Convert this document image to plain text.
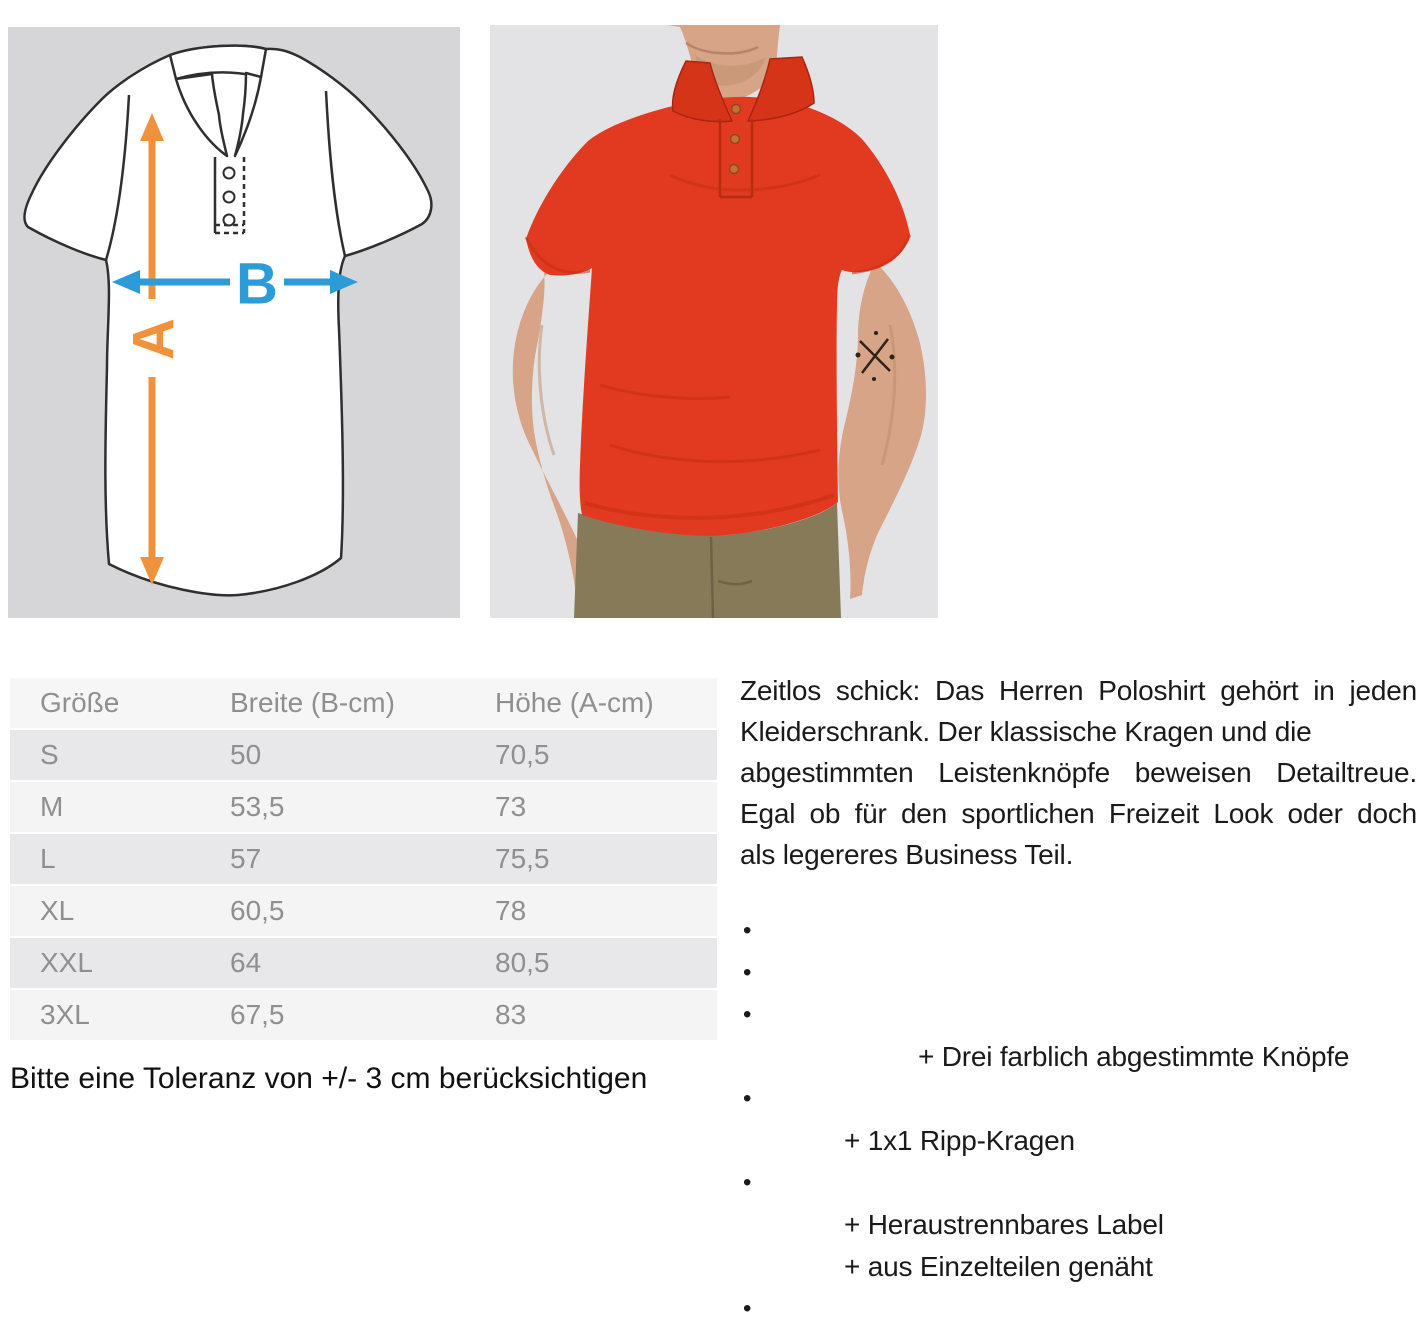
A
B
Größe	Breite (B-cm)	Höhe (A-cm)
S	50	70,5
M	53,5	73
L	57	75,5
XL	60,5	78
XXL	64	80,5
3XL	67,5	83
Bitte eine Toleranz von +/- 3 cm berücksichtigen
Zeitlos schick: Das Herren Poloshirt gehört in jeden
Kleiderschrank. Der klassische Kragen und die
abgestimmten Leistenknöpfe beweisen Detailtreue.
Egal ob für den sportlichen Freizeit Look oder doch
als legereres Business Teil.

•

•

•

+ Drei farblich abgestimmte Knöpfe

•

+ 1x1 Ripp-Kragen

•

+ Heraustrennbares Label
+ aus Einzelteilen genäht

•
